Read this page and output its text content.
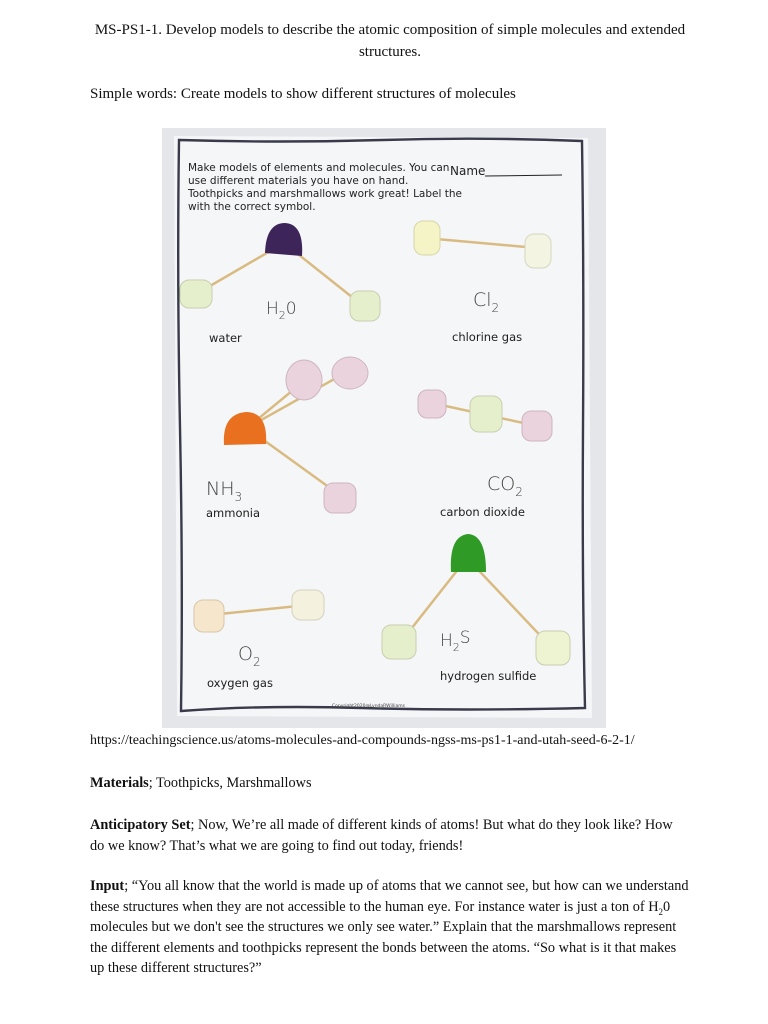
MS-PS1-1. Develop models to describe the atomic composition of simple molecules and extended structures.

Simple words: Create models to show different structures of molecules

Make models of elements and molecules. You can
use different materials you have on hand.
Toothpicks and marshmallows work great! Label the
with the correct symbol.
Name
$H_20$	$Cl_2$
$NH_3$
$CO_2$
$O_2$
$H_2S$
water	chlorine gas
ammonia	carbon dioxide
oxygen gas	hydrogen sulfide
Copyright2020@LyndaRWilliams

https://teachingscience.us/atoms-molecules-and-compounds-ngss-ms-ps1-1-and-utah-seed-6-2-1/

Materials; Toothpicks, Marshmallows

Anticipatory Set; Now, We’re all made of different kinds of atoms! But what do they look like? How do we know? That’s what we are going to find out today, friends!

Input; “You all know that the world is made up of atoms that we cannot see, but how can we understand these structures when they are not accessible to the human eye. For instance water is just a ton of $H_20$ molecules but we don't see the structures we only see water.” Explain that the marshmallows represent the different elements and toothpicks represent the bonds between the atoms. “So what is it that makes up these different structures?”
